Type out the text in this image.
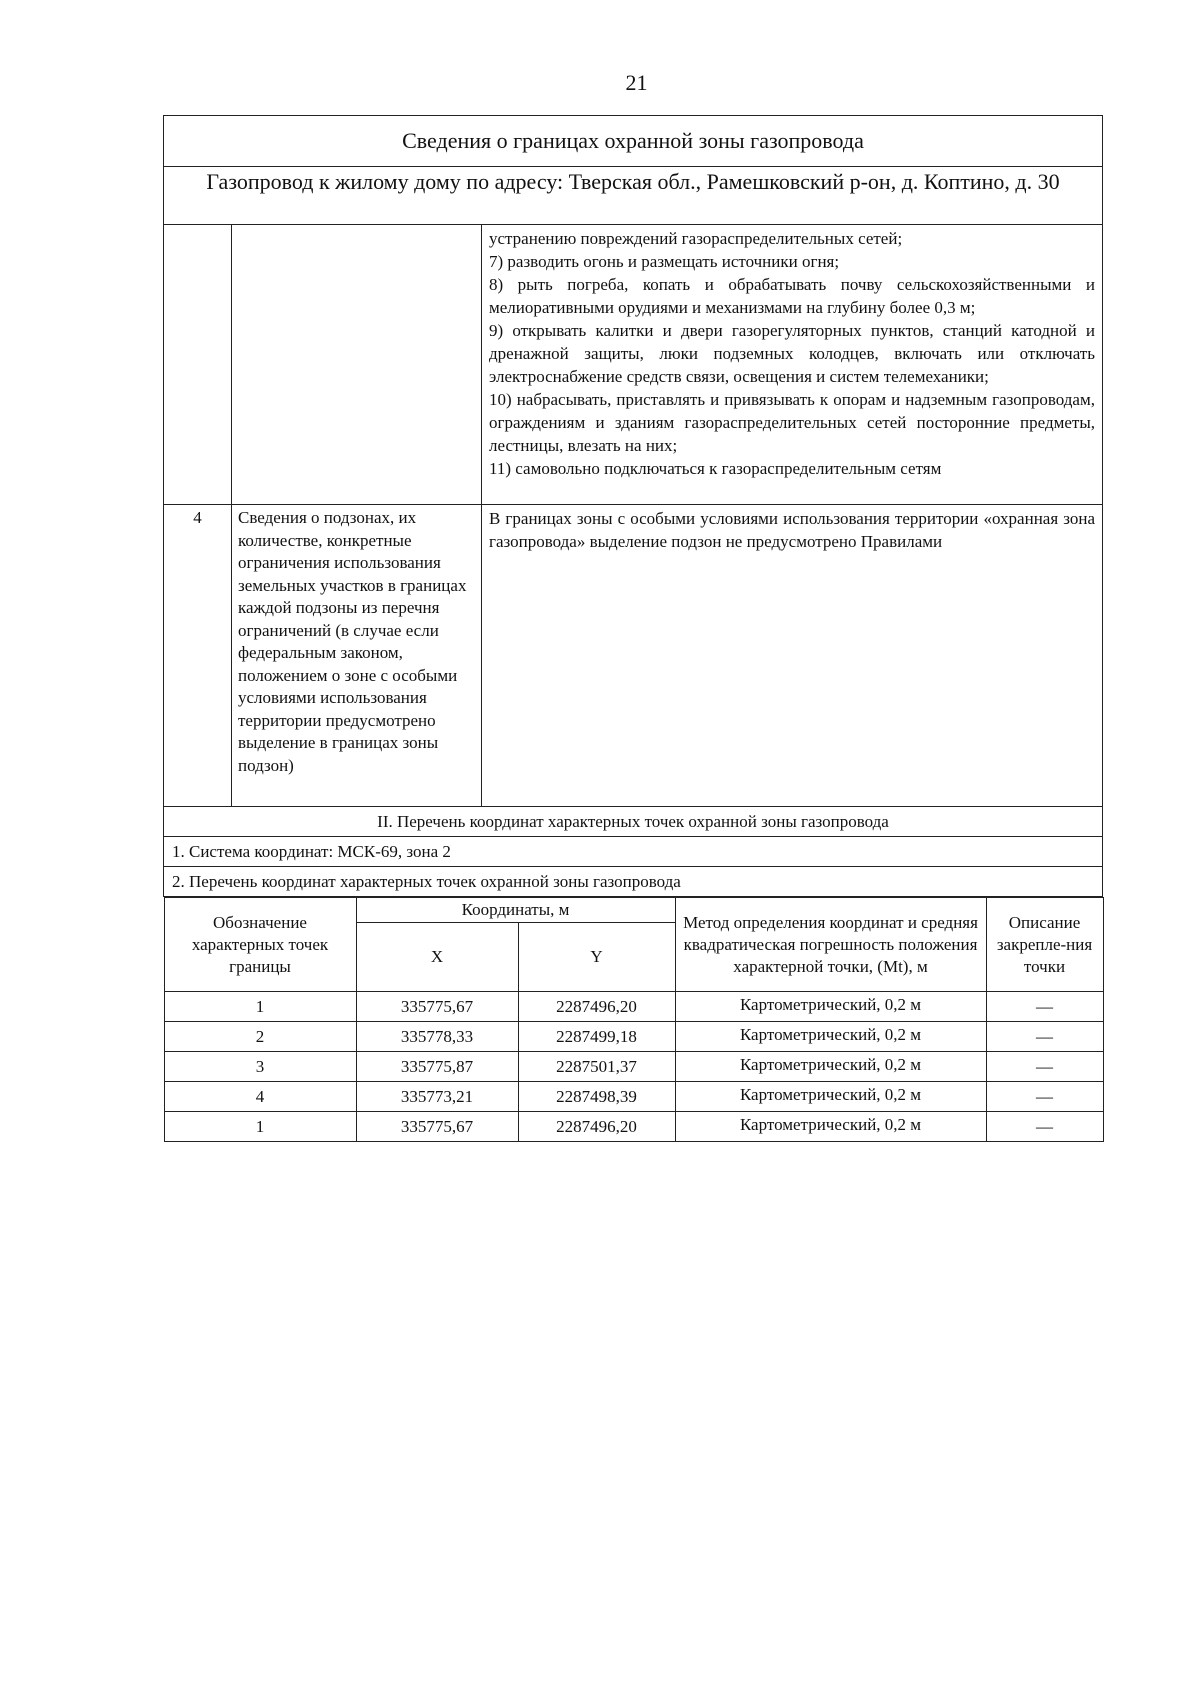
21
Сведения о границах охранной зоны газопровода
Газопровод к жилому дому по адресу: Тверская обл., Рамешковский р-он, д. Коптино, д. 30

устранению повреждений газораспределительных сетей;

7) разводить огонь и размещать источники огня;

8) рыть погреба, копать и обрабатывать почву сельскохозяйственными и мелиоративными орудиями и механизмами на глубину более 0,3 м;

9) открывать калитки и двери газорегуляторных пунктов, станций катодной и дренажной защиты, люки подземных колодцев, включать или отключать электроснабжение средств связи, освещения и систем телемеханики;

10) набрасывать, приставлять и привязывать к опорам и надземным газопроводам, ограждениям и зданиям газораспределительных сетей посторонние предметы, лестницы, влезать на них;

11) самовольно подключаться к газораспределительным сетям

4	Сведения о подзонах, их количестве, конкретные ограничения использования земельных участков в границах каждой подзоны из перечня ограничений (в случае если федеральным законом, положением о зоне с особыми условиями использования территории предусмотрено выделение в границах зоны подзон)	В границах зоны с особыми условиями использования территории «охранная зона газопровода» выделение подзон не предусмотрено Правилами
II. Перечень координат характерных точек охранной зоны газопровода
1. Система координат: МСК-69, зона 2
2. Перечень координат характерных точек охранной зоны газопровода

Обозначение характерных точек границы	Координаты, м	Метод определения координат и средняя квадратическая погрешность положения характерной точки, (Mt), м	Описание закрепле-ния точки
X	Y
1	335775,67	2287496,20	Картометрический, 0,2 м	—
2	335778,33	2287499,18	Картометрический, 0,2 м	—
3	335775,87	2287501,37	Картометрический, 0,2 м	—
4	335773,21	2287498,39	Картометрический, 0,2 м	—
1	335775,67	2287496,20	Картометрический, 0,2 м	—
